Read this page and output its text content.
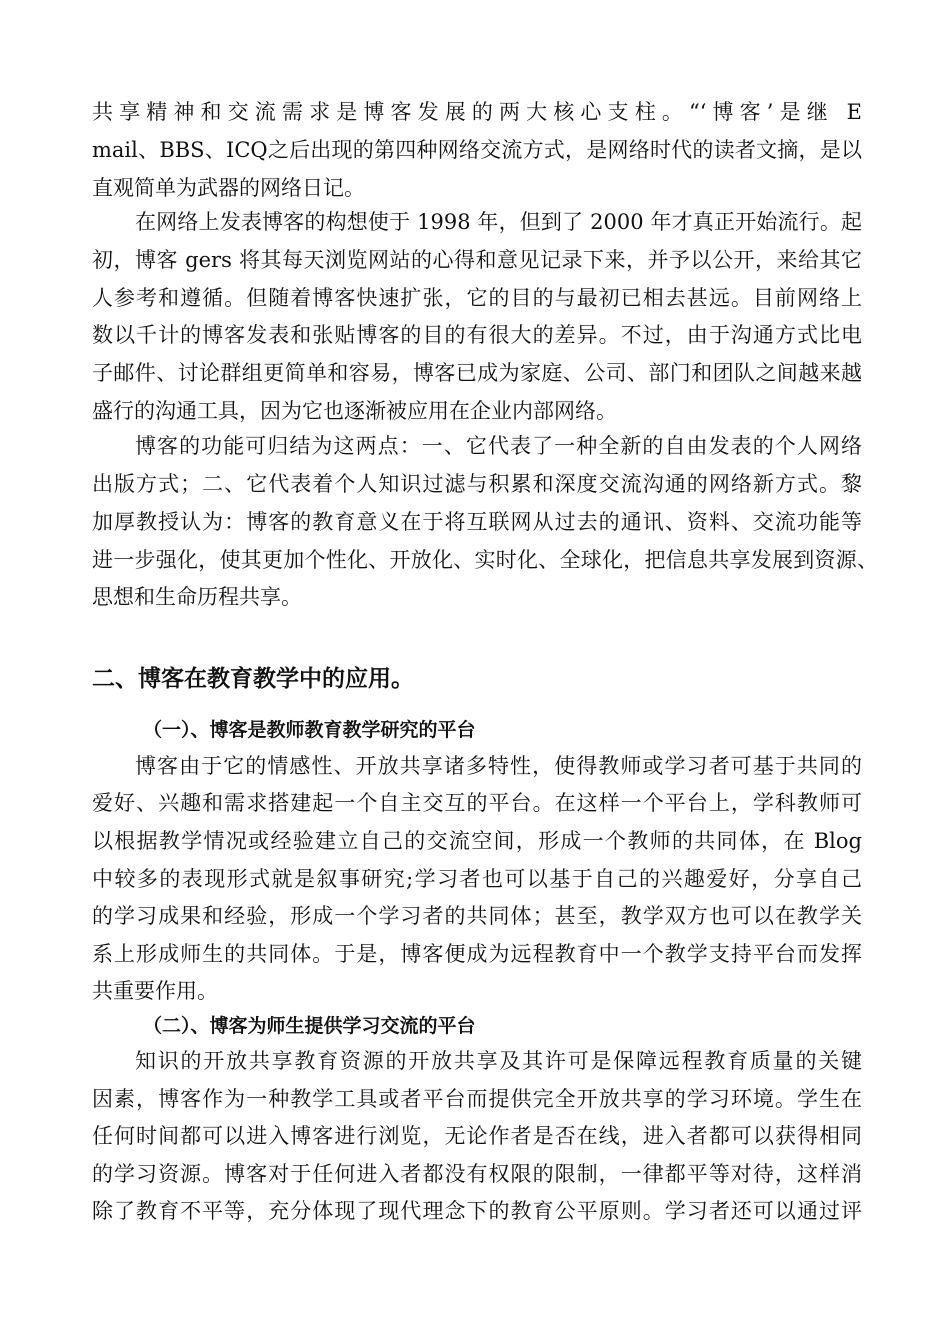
共享精神和交流需求是博客发展的两大核心支柱。“‘博客’是继 E
mail、BBS、ICQ之后出现的第四种网络交流方式，是网络时代的读者文摘，是以
直观简单为武器的网络日记。
在网络上发表博客的构想使于 1998 年，但到了 2000 年才真正开始流行。起
初，博客 gers 将其每天浏览网站的心得和意见记录下来，并予以公开，来给其它
人参考和遵循。但随着博客快速扩张，它的目的与最初已相去甚远。目前网络上
数以千计的博客发表和张贴博客的目的有很大的差异。不过，由于沟通方式比电
子邮件、讨论群组更简单和容易，博客已成为家庭、公司、部门和团队之间越来越
盛行的沟通工具，因为它也逐渐被应用在企业内部网络。
博客的功能可归结为这两点：一、它代表了一种全新的自由发表的个人网络
出版方式；二、它代表着个人知识过滤与积累和深度交流沟通的网络新方式。黎
加厚教授认为：博客的教育意义在于将互联网从过去的通讯、资料、交流功能等
进一步强化，使其更加个性化、开放化、实时化、全球化，把信息共享发展到资源、
思想和生命历程共享。
二、博客在教育教学中的应用。
（一）、博客是教师教育教学研究的平台
博客由于它的情感性、开放共享诸多特性，使得教师或学习者可基于共同的
爱好、兴趣和需求搭建起一个自主交互的平台。在这样一个平台上，学科教师可
以根据教学情况或经验建立自己的交流空间，形成一个教师的共同体，在 Blog
中较多的表现形式就是叙事研究;学习者也可以基于自己的兴趣爱好，分享自己
的学习成果和经验，形成一个学习者的共同体；甚至，教学双方也可以在教学关
系上形成师生的共同体。于是，博客便成为远程教育中一个教学支持平台而发挥
共重要作用。
（二）、博客为师生提供学习交流的平台
知识的开放共享教育资源的开放共享及其许可是保障远程教育质量的关键
因素，博客作为一种教学工具或者平台而提供完全开放共享的学习环境。学生在
任何时间都可以进入博客进行浏览，无论作者是否在线，进入者都可以获得相同
的学习资源。博客对于任何进入者都没有权限的限制，一律都平等对待，这样消
除了教育不平等，充分体现了现代理念下的教育公平原则。学习者还可以通过评
